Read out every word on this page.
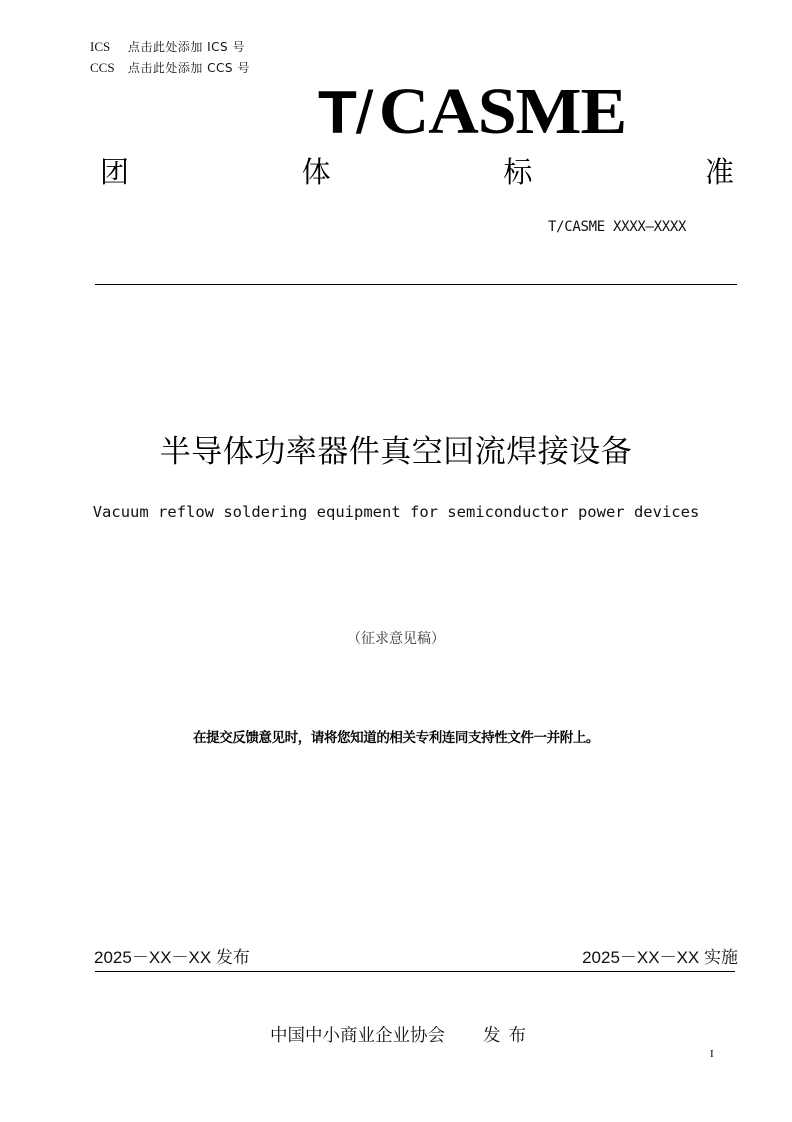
ICS 点击此处添加 ICS 号
CCS 点击此处添加 CCS 号
T/CASME
团	体	标	准
T/CASME XXXX—XXXX
半导体功率器件真空回流焊接设备
Vacuum reflow soldering equipment for semiconductor power devices
（征求意见稿）
在提交反馈意见时，请将您知道的相关专利连同支持性文件一并附上。
2025－XX－XX 发布	2025－XX－XX 实施
中国中小商业企业协会 发布
I
